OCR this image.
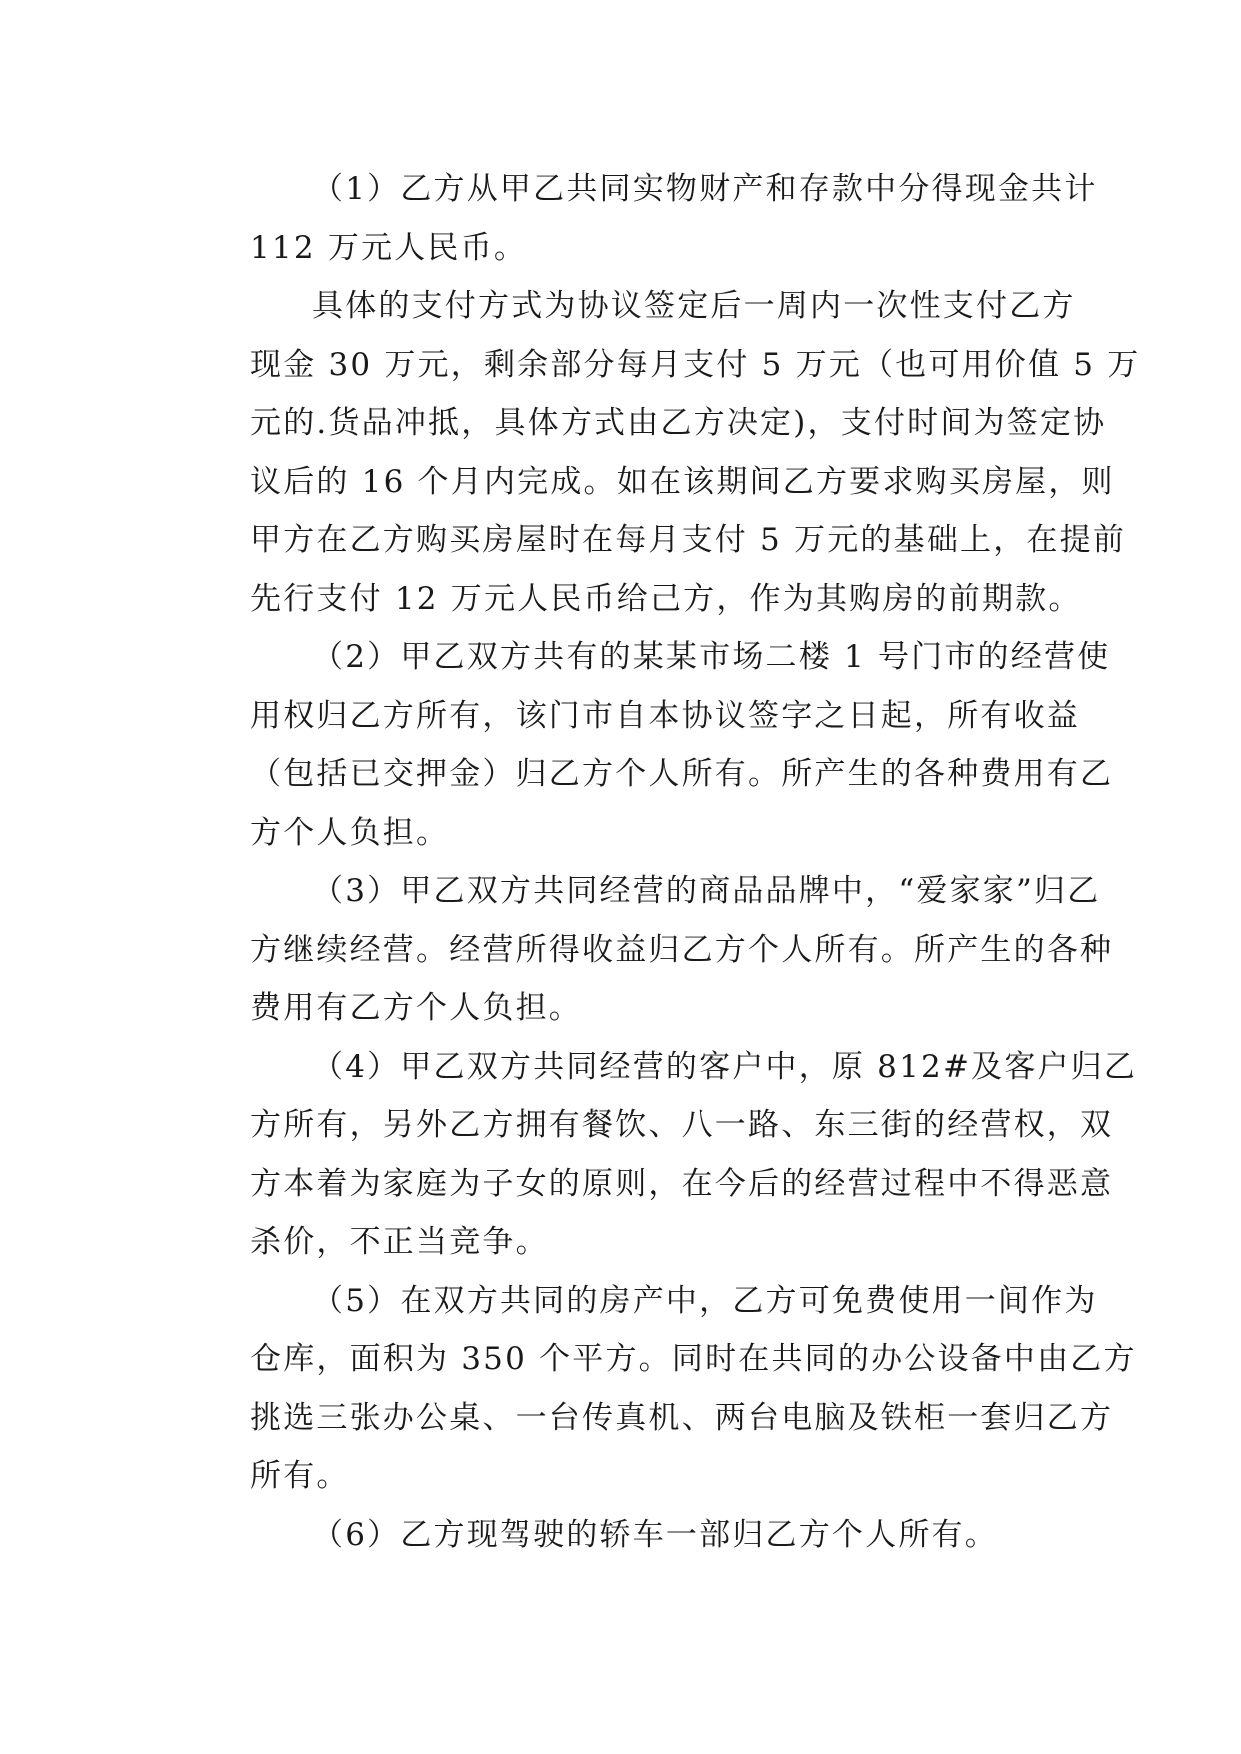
（1）乙方从甲乙共同实物财产和存款中分得现金共计
112 万元人民币。
具体的支付方式为协议签定后一周内一次性支付乙方
现金 30 万元，剩余部分每月支付 5 万元（也可用价值 5 万
元的.货品冲抵，具体方式由乙方决定)，支付时间为签定协
议后的 16 个月内完成。如在该期间乙方要求购买房屋，则
甲方在乙方购买房屋时在每月支付 5 万元的基础上，在提前
先行支付 12 万元人民币给己方，作为其购房的前期款。
（2）甲乙双方共有的某某市场二楼 1 号门市的经营使
用权归乙方所有，该门市自本协议签字之日起，所有收益
（包括已交押金）归乙方个人所有。所产生的各种费用有乙
方个人负担。
（3）甲乙双方共同经营的商品品牌中，“爱家家”归乙
方继续经营。经营所得收益归乙方个人所有。所产生的各种
费用有乙方个人负担。
（4）甲乙双方共同经营的客户中，原 812#及客户归乙
方所有，另外乙方拥有餐饮、八一路、东三街的经营权，双
方本着为家庭为子女的原则，在今后的经营过程中不得恶意
杀价，不正当竞争。
（5）在双方共同的房产中，乙方可免费使用一间作为
仓库，面积为 350 个平方。同时在共同的办公设备中由乙方
挑选三张办公桌、一台传真机、两台电脑及铁柜一套归乙方
所有。
（6）乙方现驾驶的轿车一部归乙方个人所有。
